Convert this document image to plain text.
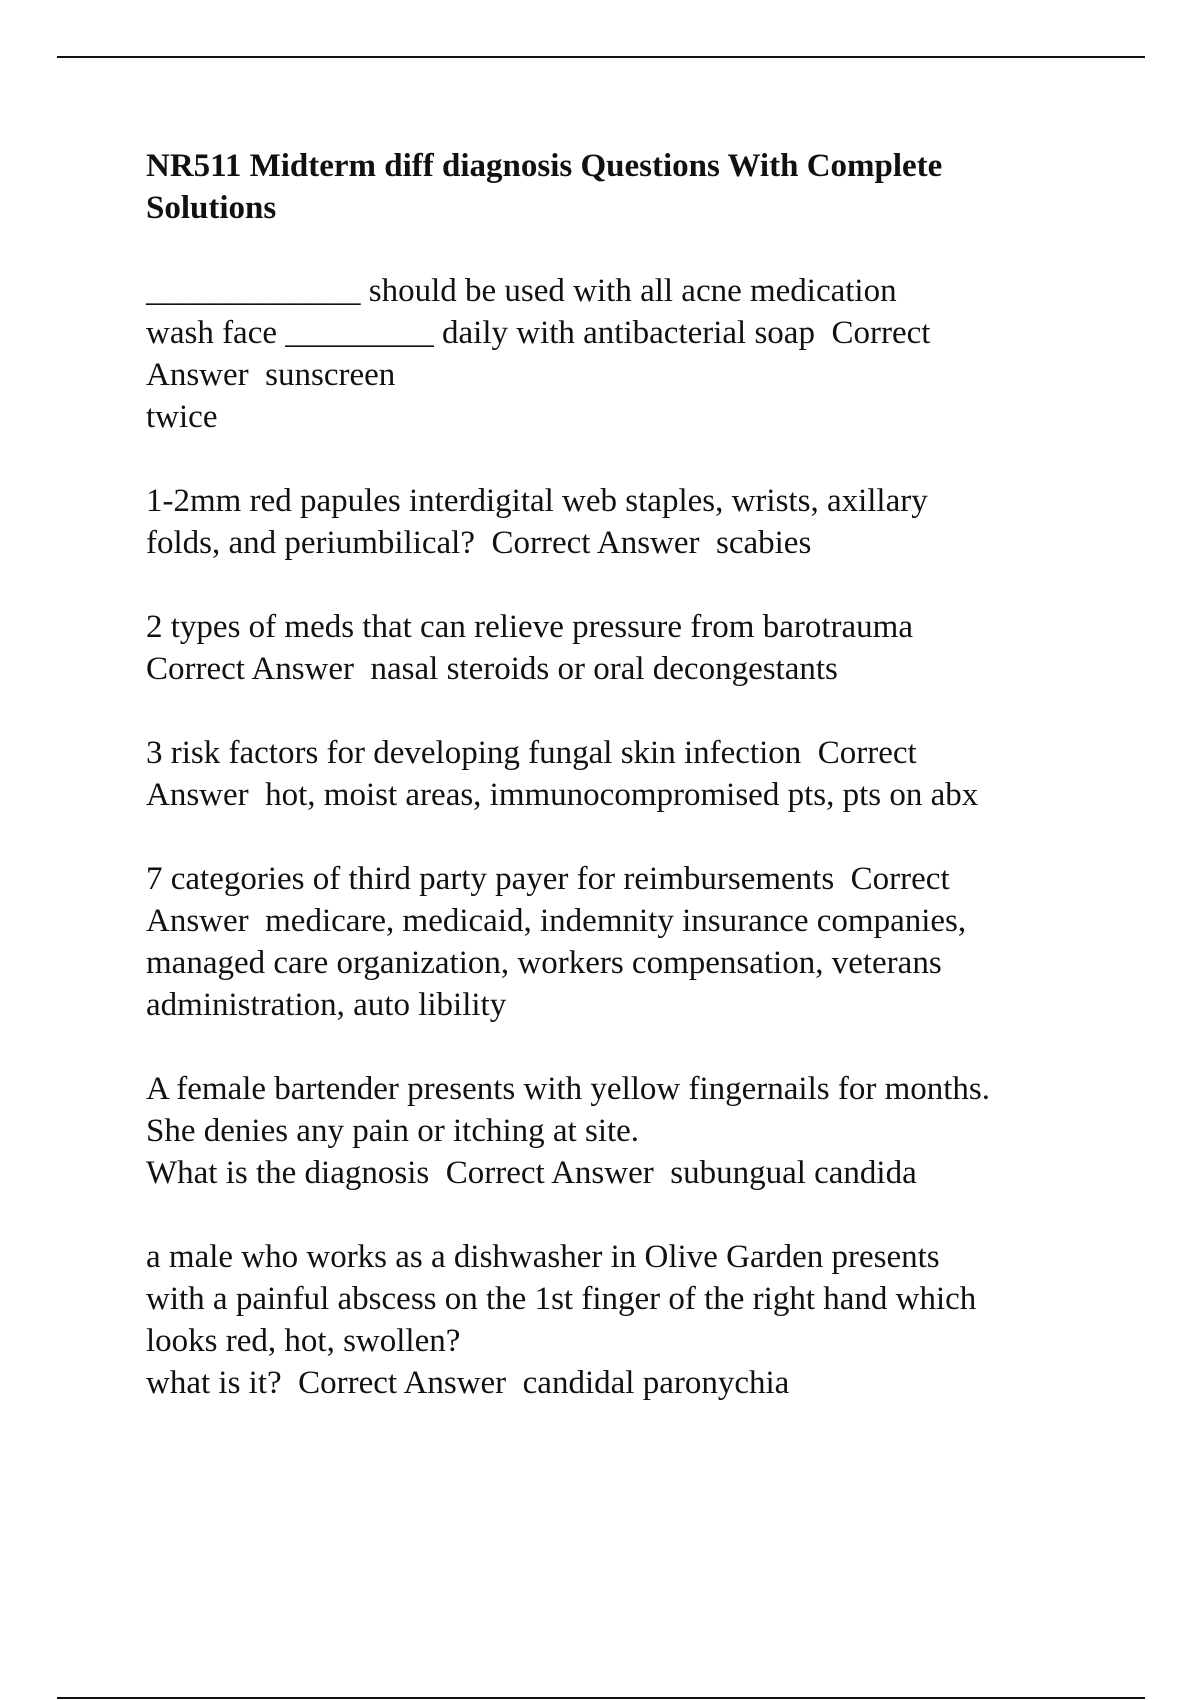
NR511 Midterm diff diagnosis Questions With Complete
Solutions
_____________ should be used with all acne medication
wash face _________ daily with antibacterial soap  Correct
Answer  sunscreen
twice
1-2mm red papules interdigital web staples, wrists, axillary
folds, and periumbilical?  Correct Answer  scabies
2 types of meds that can relieve pressure from barotrauma
Correct Answer  nasal steroids or oral decongestants
3 risk factors for developing fungal skin infection  Correct
Answer  hot, moist areas, immunocompromised pts, pts on abx
7 categories of third party payer for reimbursements  Correct
Answer  medicare, medicaid, indemnity insurance companies,
managed care organization, workers compensation, veterans
administration, auto libility
A female bartender presents with yellow fingernails for months.
She denies any pain or itching at site.
What is the diagnosis  Correct Answer  subungual candida
a male who works as a dishwasher in Olive Garden presents
with a painful abscess on the 1st finger of the right hand which
looks red, hot, swollen?
what is it?  Correct Answer  candidal paronychia
